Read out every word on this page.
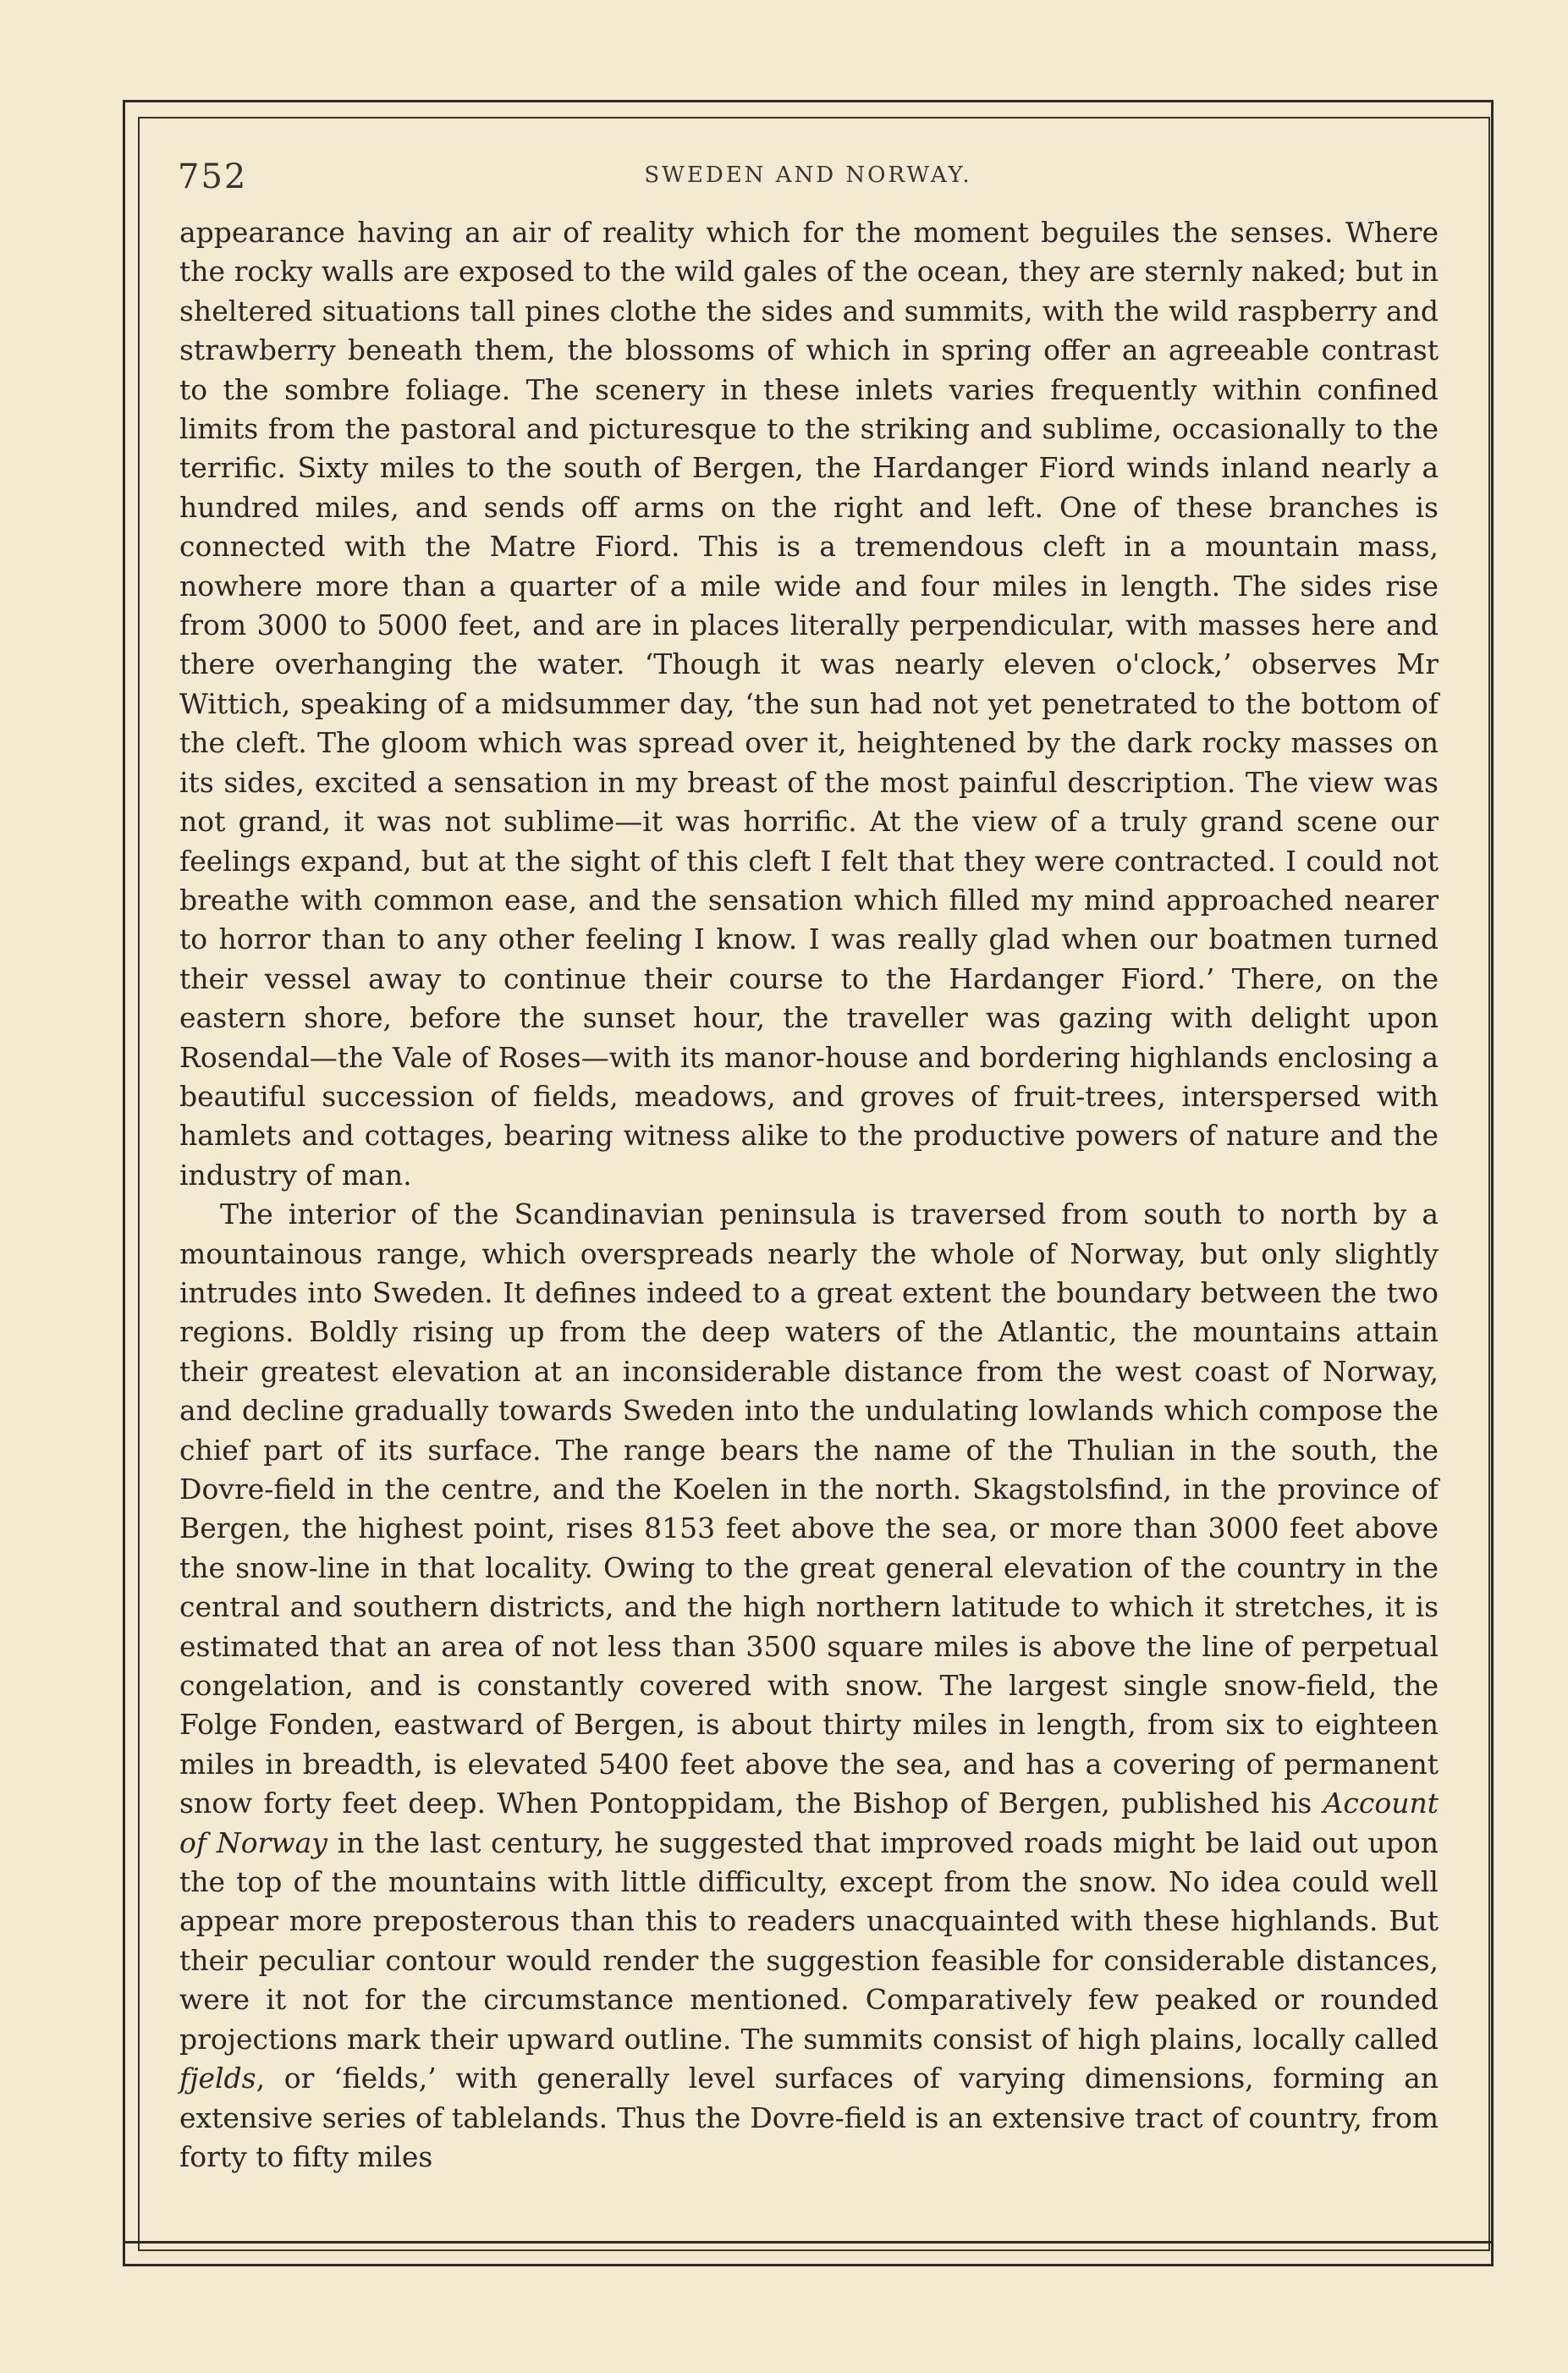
752	SWEDEN AND NORWAY.

appearance having an air of reality which for the moment beguiles the senses. Where the rocky walls are exposed to the wild gales of the ocean, they are sternly naked; but in sheltered situations tall pines clothe the sides and summits, with the wild raspberry and strawberry beneath them, the blossoms of which in spring offer an agreeable contrast to the sombre foliage. The scenery in these inlets varies frequently within confined limits from the pastoral and picturesque to the striking and sublime, occasionally to the terrific. Sixty miles to the south of Bergen, the Hardanger Fiord winds inland nearly a hundred miles, and sends off arms on the right and left. One of these branches is connected with the Matre Fiord. This is a tremendous cleft in a mountain mass, nowhere more than a quarter of a mile wide and four miles in length. The sides rise from 3000 to 5000 feet, and are in places literally perpendicular, with masses here and there overhanging the water. ‘Though it was nearly eleven o'clock,’ observes Mr Wittich, speaking of a midsummer day, ‘the sun had not yet penetrated to the bottom of the cleft. The gloom which was spread over it, heightened by the dark rocky masses on its sides, excited a sensation in my breast of the most painful description. The view was not grand, it was not sublime—it was horrific. At the view of a truly grand scene our feelings expand, but at the sight of this cleft I felt that they were contracted. I could not breathe with common ease, and the sensation which filled my mind approached nearer to horror than to any other feeling I know. I was really glad when our boatmen turned their vessel away to continue their course to the Hardanger Fiord.’ There, on the eastern shore, before the sunset hour, the traveller was gazing with delight upon Rosendal—the Vale of Roses—with its manor-house and bordering highlands enclosing a beautiful succession of fields, meadows, and groves of fruit-trees, interspersed with hamlets and cottages, bearing witness alike to the productive powers of nature and the industry of man.

The interior of the Scandinavian peninsula is traversed from south to north by a mountainous range, which overspreads nearly the whole of Norway, but only slightly intrudes into Sweden. It defines indeed to a great extent the boundary between the two regions. Boldly rising up from the deep waters of the Atlantic, the mountains attain their greatest elevation at an inconsiderable distance from the west coast of Norway, and decline gradually towards Sweden into the undulating lowlands which compose the chief part of its surface. The range bears the name of the Thulian in the south, the Dovre-field in the centre, and the Koelen in the north. Skagstolsfind, in the province of Bergen, the highest point, rises 8153 feet above the sea, or more than 3000 feet above the snow-line in that locality. Owing to the great general elevation of the country in the central and southern districts, and the high northern latitude to which it stretches, it is estimated that an area of not less than 3500 square miles is above the line of perpetual congelation, and is constantly covered with snow. The largest single snow-field, the Folge Fonden, eastward of Bergen, is about thirty miles in length, from six to eighteen miles in breadth, is elevated 5400 feet above the sea, and has a covering of permanent snow forty feet deep. When Pontoppidam, the Bishop of Bergen, published his Account of Norway in the last century, he suggested that improved roads might be laid out upon the top of the mountains with little difficulty, except from the snow. No idea could well appear more preposterous than this to readers unacquainted with these highlands. But their peculiar contour would render the suggestion feasible for considerable distances, were it not for the circumstance mentioned. Comparatively few peaked or rounded projections mark their upward outline. The summits consist of high plains, locally called fjelds, or ‘fields,’ with generally level surfaces of varying dimensions, forming an extensive series of tablelands. Thus the Dovre-field is an extensive tract of country, from forty to fifty miles
